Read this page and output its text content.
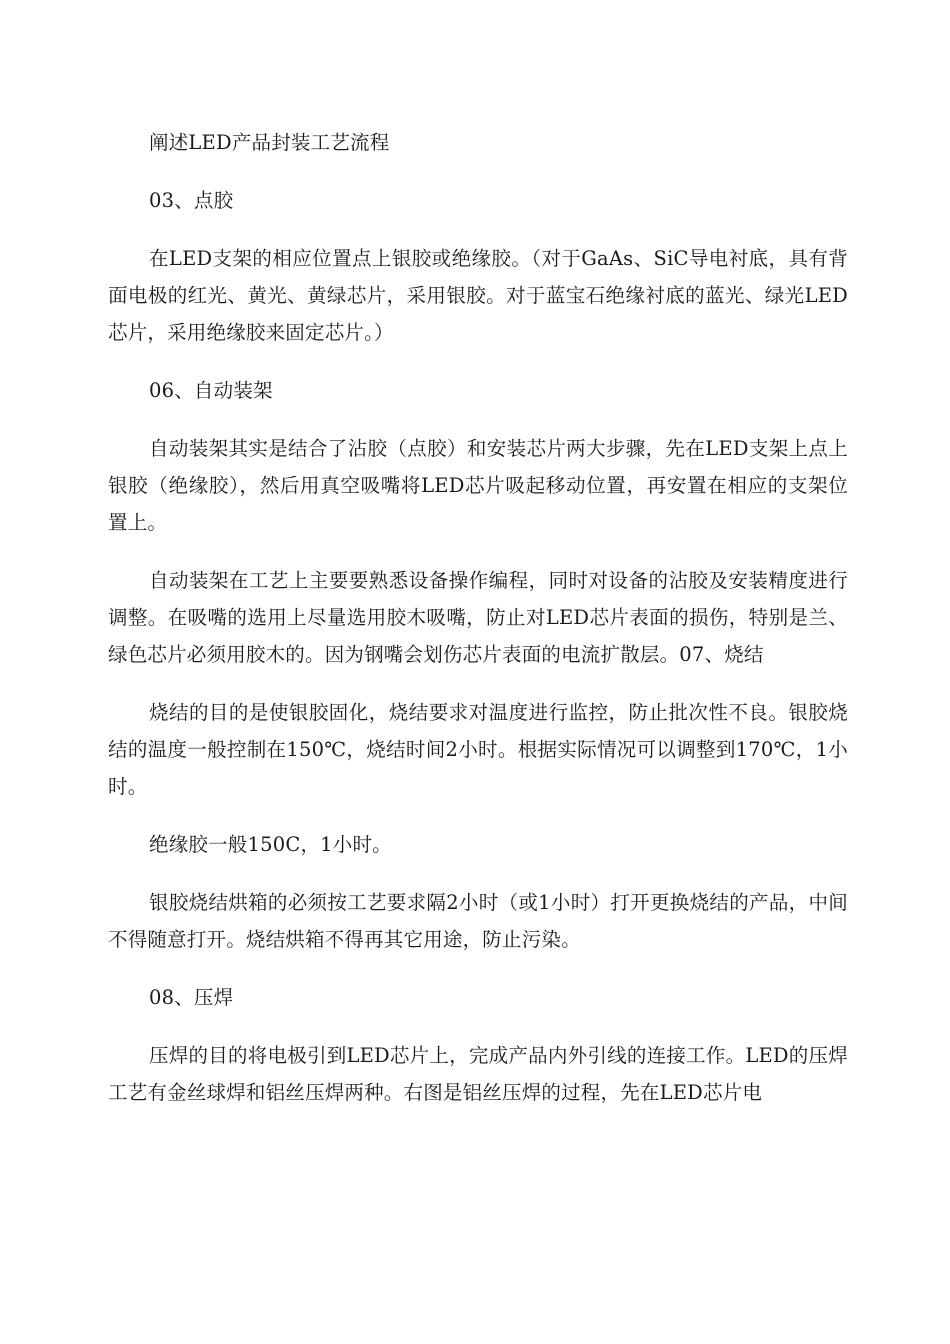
阐述LED产品封装工艺流程

03、点胶

在LED支架的相应位置点上银胶或绝缘胶。（对于GaAs、SiC导电衬底，具有背面电极的红光、黄光、黄绿芯片，采用银胶。对于蓝宝石绝缘衬底的蓝光、绿光LED芯片，采用绝缘胶来固定芯片。）

06、自动装架

自动装架其实是结合了沾胶（点胶）和安装芯片两大步骤，先在LED支架上点上银胶（绝缘胶），然后用真空吸嘴将LED芯片吸起移动位置，再安置在相应的支架位置上。

自动装架在工艺上主要要熟悉设备操作编程，同时对设备的沾胶及安装精度进行调整。在吸嘴的选用上尽量选用胶木吸嘴，防止对LED芯片表面的损伤，特别是兰、绿色芯片必须用胶木的。因为钢嘴会划伤芯片表面的电流扩散层。07、烧结

烧结的目的是使银胶固化，烧结要求对温度进行监控，防止批次性不良。银胶烧结的温度一般控制在150℃，烧结时间2小时。根据实际情况可以调整到170℃，1小时。

绝缘胶一般150C，1小时。

银胶烧结烘箱的必须按工艺要求隔2小时（或1小时）打开更换烧结的产品，中间不得随意打开。烧结烘箱不得再其它用途，防止污染。

08、压焊

压焊的目的将电极引到LED芯片上，完成产品内外引线的连接工作。LED的压焊工艺有金丝球焊和铝丝压焊两种。右图是铝丝压焊的过程，先在LED芯片电
